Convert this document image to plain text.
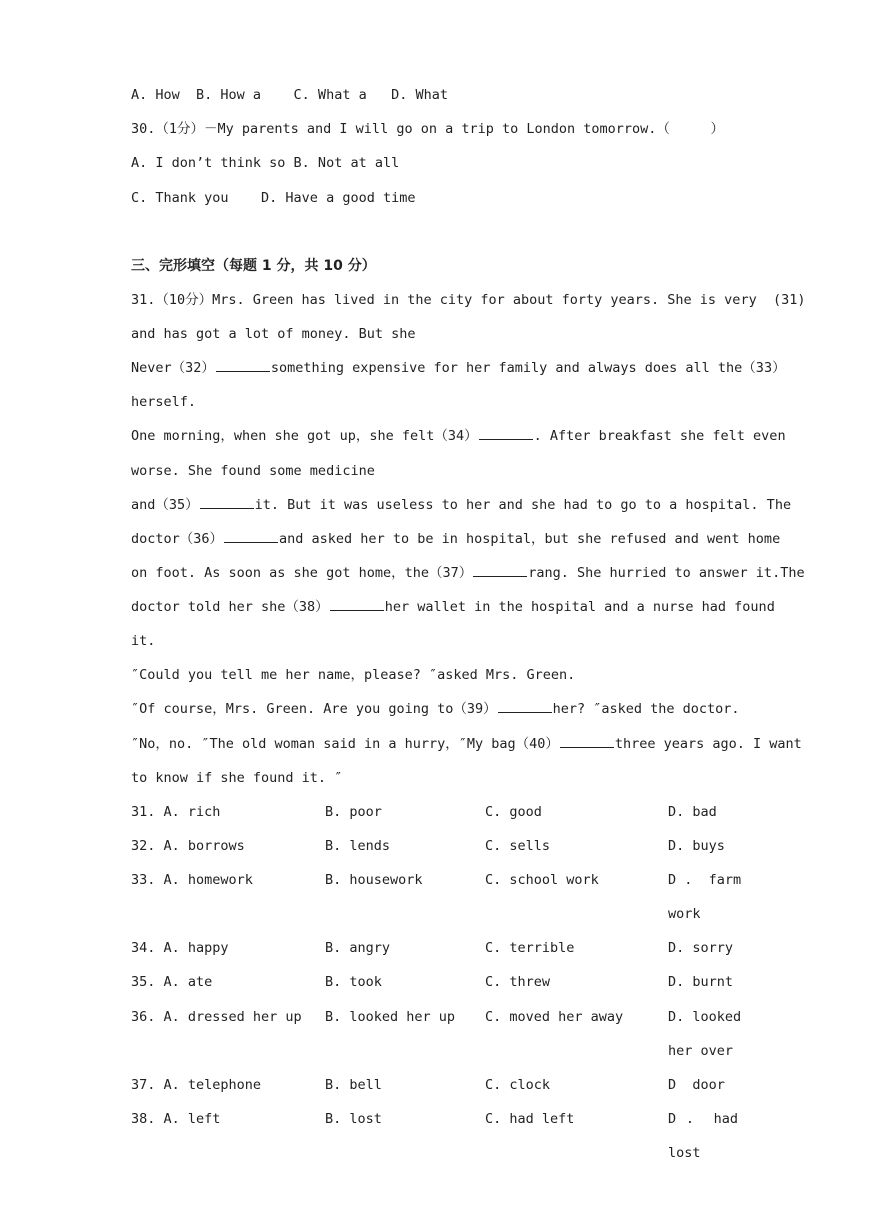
A. How  B. How a    C. What a   D. What
30.（1分）－My parents and I will go on a trip to London tomorrow.（     ）
A. I don’t think so B. Not at all
C. Thank you    D. Have a good time
三、完形填空（每题 1 分，共 10 分）
31.（10分）Mrs. Green has lived in the city for about forty years. She is very  (31)
and has got a lot of money. But she
Never（32）	something expensive for her family and always does all the（33）
herself.
One morning，when she got up，she felt（34）	. After breakfast she felt even
worse. She found some medicine
and（35）	it. But it was useless to her and she had to go to a hospital. The
doctor（36）	and asked her to be in hospital，but she refused and went home
on foot. As soon as she got home，the（37）	rang. She hurried to answer it.The
doctor told her she（38）	her wallet in the hospital and a nurse had found
it.
″Could you tell me her name，please? ″asked Mrs. Green.
″Of course，Mrs. Green. Are you going to（39）	her? ″asked the doctor.
″No，no. ″The old woman said in a hurry，″My bag（40）	three years ago. I want
to know if she found it. ″
31. A. rich	B. poor	C. good	D. bad
32. A. borrows	B. lends	C. sells	D. buys
33. A. homework	B. housework	C. school work	D .  farm
work
34. A. happy	B. angry	C. terrible	D. sorry
35. A. ate	B. took	C. threw	D. burnt
36. A. dressed her up B. looked her up C. moved her away	D. looked
her over
37. A. telephone	B. bell	C. clock	D  door
38. A. left	B. lost	C. had left	D .  had
lost
